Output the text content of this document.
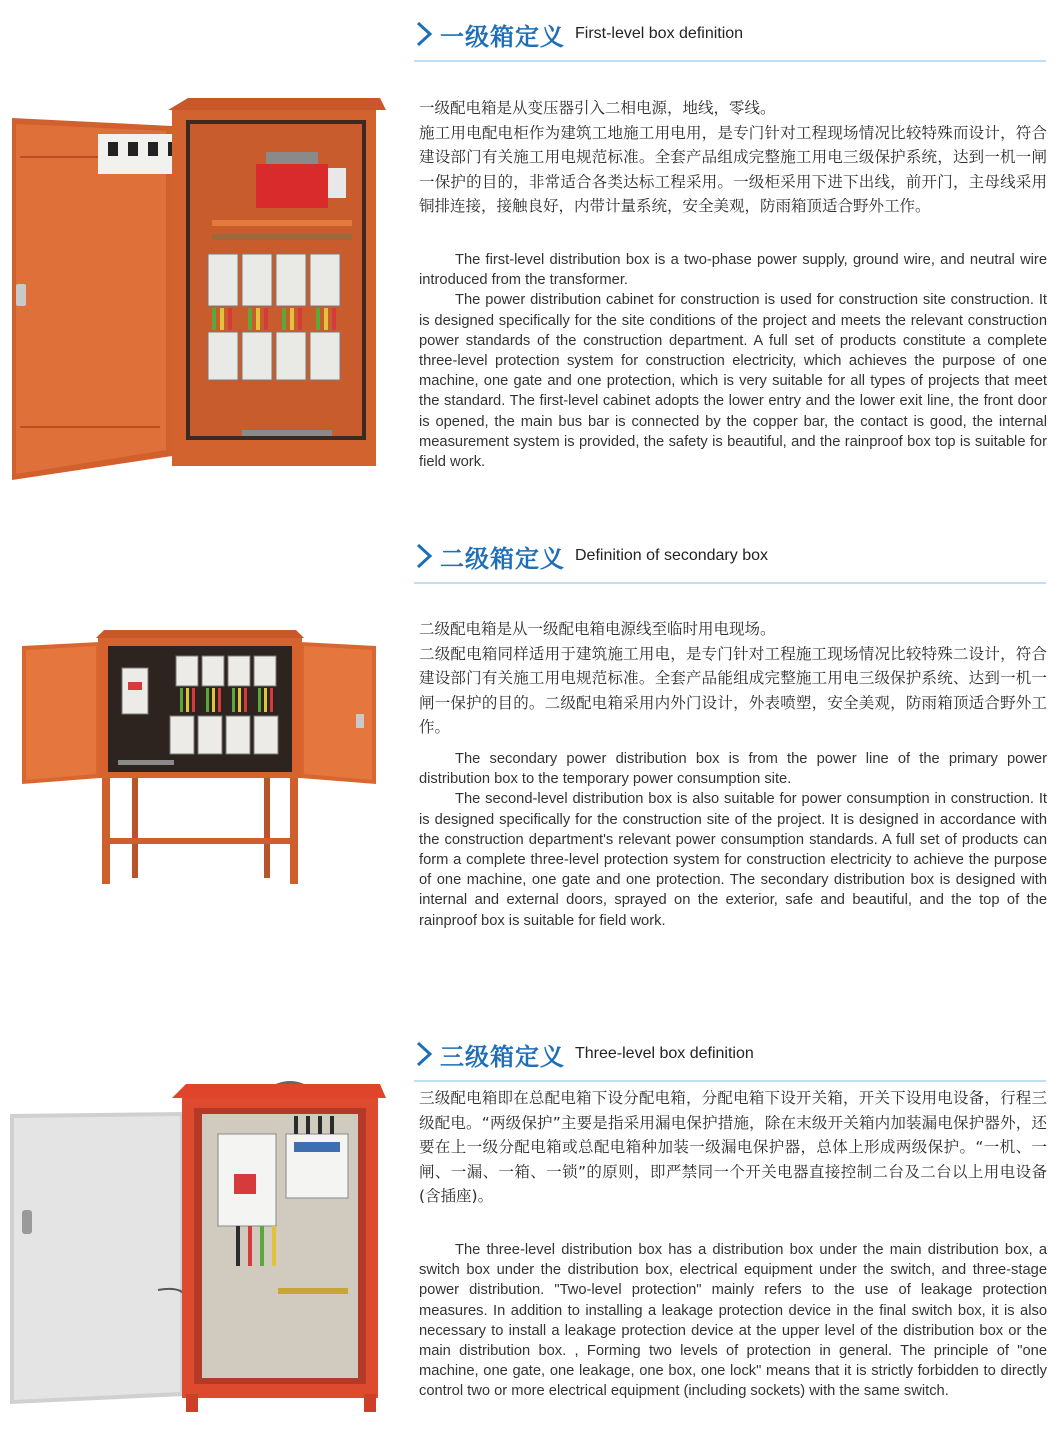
一级箱定义 First-level box definition

一级配电箱是从变压器引入二相电源，地线，零线。

施工用电配电柜作为建筑工地施工用电用，是专门针对工程现场情况比较特殊而设计，符合建设部门有关施工用电规范标准。全套产品组成完整施工用电三级保护系统，达到一机一闸一保护的目的，非常适合各类达标工程采用。一级柜采用下进下出线，前开门，主母线采用铜排连接，接触良好，内带计量系统，安全美观，防雨箱顶适合野外工作。

The first-level distribution box is a two-phase power supply, ground wire, and neutral wire introduced from the transformer.

The power distribution cabinet for construction is used for construction site construction. It is designed specifically for the site conditions of the project and meets the relevant construction power standards of the construction department. A full set of products constitute a complete three-level protection system for construction electricity, which achieves the purpose of one machine, one gate and one protection, which is very suitable for all types of projects that meet the standard. The first-level cabinet adopts the lower entry and the lower exit line, the front door is opened, the main bus bar is connected by the copper bar, the contact is good, the internal measurement system is provided, the safety is beautiful, and the rainproof box top is suitable for field work.

二级箱定义 Definition of secondary box

二级配电箱是从一级配电箱电源线至临时用电现场。

二级配电箱同样适用于建筑施工用电，是专门针对工程施工现场情况比较特殊二设计，符合建设部门有关施工用电规范标准。全套产品能组成完整施工用电三级保护系统、达到一机一闸一保护的目的。二级配电箱采用内外门设计，外表喷塑，安全美观，防雨箱顶适合野外工作。

The secondary power distribution box is from the power line of the primary power distribution box to the temporary power consumption site.

The second-level distribution box is also suitable for power consumption in construction. It is designed specifically for the construction site of the project. It is designed in accordance with the construction department's relevant power consumption standards. A full set of products can form a complete three-level protection system for construction electricity to achieve the purpose of one machine, one gate and one protection. The secondary distribution box is designed with internal and external doors, sprayed on the exterior, safe and beautiful, and the top of the rainproof box is suitable for field work.

三级箱定义 Three-level box definition

三级配电箱即在总配电箱下设分配电箱，分配电箱下设开关箱，开关下设用电设备，行程三级配电。“两级保护”主要是指采用漏电保护措施，除在末级开关箱内加装漏电保护器外，还要在上一级分配电箱或总配电箱种加装一级漏电保护器，总体上形成两级保护。“一机、一闸、一漏、一箱、一锁”的原则，即严禁同一个开关电器直接控制二台及二台以上用电设备(含插座)。

The three-level distribution box has a distribution box under the main distribution box, a switch box under the distribution box, electrical equipment under the switch, and three-stage power distribution. "Two-level protection" mainly refers to the use of leakage protection measures. In addition to installing a leakage protection device in the final switch box, it is also necessary to install a leakage protection device at the upper level of the distribution box or the main distribution box. , Forming two levels of protection in general. The principle of "one machine, one gate, one leakage, one box, one lock" means that it is strictly forbidden to directly control two or more electrical equipment (including sockets) with the same switch.
